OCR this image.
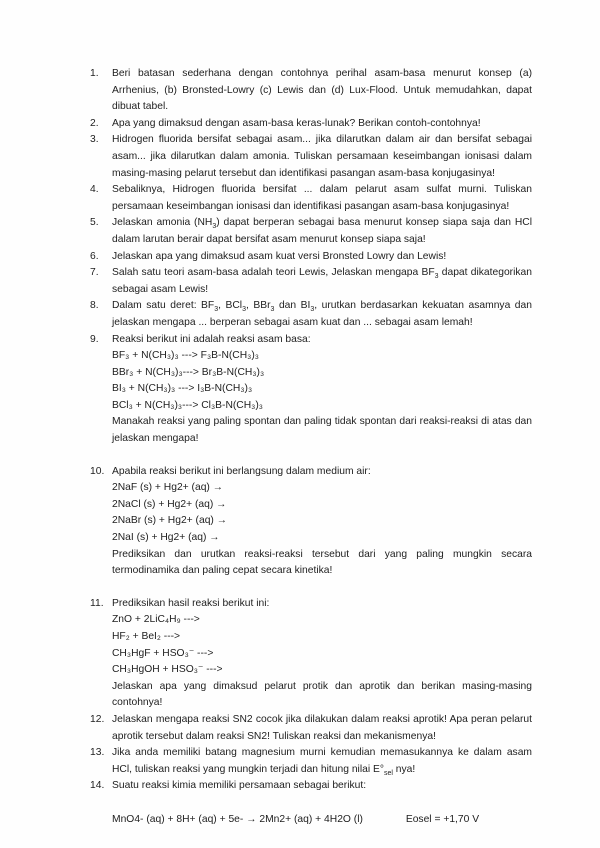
1.	Beri batasan sederhana dengan contohnya perihal asam-basa menurut konsep (a) Arrhenius, (b) Bronsted-Lowry (c) Lewis dan (d) Lux-Flood. Untuk memudahkan, dapat dibuat tabel.
2.	Apa yang dimaksud dengan asam-basa keras-lunak? Berikan contoh-contohnya!
3.	Hidrogen fluorida bersifat sebagai asam... jika dilarutkan dalam air dan bersifat sebagai asam... jika dilarutkan dalam amonia. Tuliskan persamaan keseimbangan ionisasi dalam masing-masing pelarut tersebut dan identifikasi pasangan asam-basa konjugasinya!
4.	Sebaliknya, Hidrogen fluorida bersifat ... dalam pelarut asam sulfat murni. Tuliskan persamaan keseimbangan ionisasi dan identifikasi pasangan asam-basa konjugasinya!
5.	Jelaskan amonia $(NH_3)$ dapat berperan sebagai basa menurut konsep siapa saja dan HCl dalam larutan berair dapat bersifat asam menurut konsep siapa saja!
6.	Jelaskan apa yang dimaksud asam kuat versi Bronsted Lowry dan Lewis!
7.	Salah satu teori asam-basa adalah teori Lewis, Jelaskan mengapa $BF_3$ dapat dikategorikan sebagai asam Lewis!
8.	Dalam satu deret: $BF_3$, BCl$_3$, BBr$_3$ dan $BI_3$, urutkan berdasarkan kekuatan asamnya dan jelaskan mengapa ... berperan sebagai asam kuat dan ... sebagai asam lemah!
9.	Reaksi berikut ini adalah reaksi asam basa:
BF₃ + N(CH₃)₃ ---> F₃B-N(CH₃)₃
BBr₃ + N(CH₃)₃---> Br₃B-N(CH₃)₃
BI₃ + N(CH₃)₃ ---> I₃B-N(CH₃)₃
BCl₃ + N(CH₃)₃---> Cl₃B-N(CH₃)₃
Manakah reaksi yang paling spontan dan paling tidak spontan dari reaksi-reaksi di atas dan jelaskan mengapa!
10. Apabila reaksi berikut ini berlangsung dalam medium air:
2NaF (s) + Hg2+ (aq) →
2NaCl (s) + Hg2+ (aq) →
2NaBr (s) + Hg2+ (aq) →
2NaI (s) + Hg2+ (aq) →
Prediksikan dan urutkan reaksi-reaksi tersebut dari yang paling mungkin secara termodinamika dan paling cepat secara kinetika!
11. Prediksikan hasil reaksi berikut ini:
ZnO + 2LiC₄H₉ --->
HF₂ + BeI₂ --->
CH₃HgF + HSO₃⁻ --->
CH₃HgOH + HSO₃⁻ --->
Jelaskan apa yang dimaksud pelarut protik dan aprotik dan berikan masing-masing contohnya!
12. Jelaskan mengapa reaksi SN2 cocok jika dilakukan dalam reaksi aprotik! Apa peran pelarut aprotik tersebut dalam reaksi SN2! Tuliskan reaksi dan mekanismenya!
13. Jika anda memiliki batang magnesium murni kemudian memasukannya ke dalam asam HCl, tuliskan reaksi yang mungkin terjadi dan hitung nilai $E^\circ_{sel}$ nya!
14. Suatu reaksi kimia memiliki persamaan sebagai berikut:
MnO4- (aq) + 8H+ (aq) + 5e- → 2Mn2+ (aq) + 4H2O (l)	Eosel = +1,70 V
